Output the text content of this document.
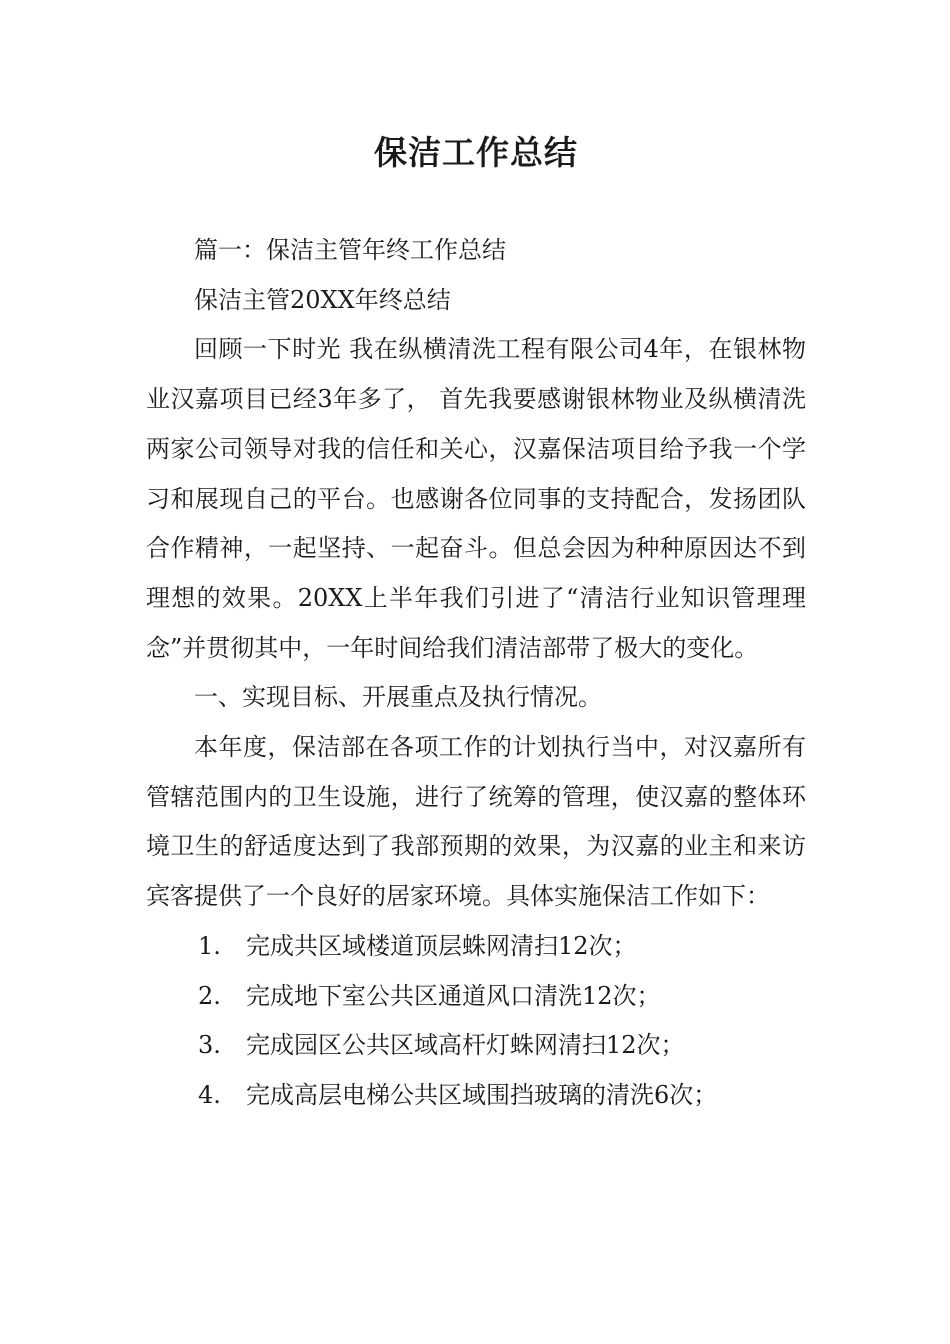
保洁工作总结

篇一：保洁主管年终工作总结

保洁主管20XX年终总结

回顾一下时光 我在纵横清洗工程有限公司4年，在银林物业汉嘉项目已经3年多了， 首先我要感谢银林物业及纵横清洗两家公司领导对我的信任和关心，汉嘉保洁项目给予我一个学习和展现自己的平台。也感谢各位同事的支持配合，发扬团队合作精神，一起坚持、一起奋斗。但总会因为种种原因达不到理想的效果。20XX上半年我们引进了“清洁行业知识管理理念”并贯彻其中，一年时间给我们清洁部带了极大的变化。

一、实现目标、开展重点及执行情况。

本年度，保洁部在各项工作的计划执行当中，对汉嘉所有管辖范围内的卫生设施，进行了统筹的管理，使汉嘉的整体环境卫生的舒适度达到了我部预期的效果，为汉嘉的业主和来访宾客提供了一个良好的居家环境。具体实施保洁工作如下：

1. 完成共区域楼道顶层蛛网清扫12次；
2. 完成地下室公共区通道风口清洗12次；
3. 完成园区公共区域高杆灯蛛网清扫12次；
4. 完成高层电梯公共区域围挡玻璃的清洗6次；
